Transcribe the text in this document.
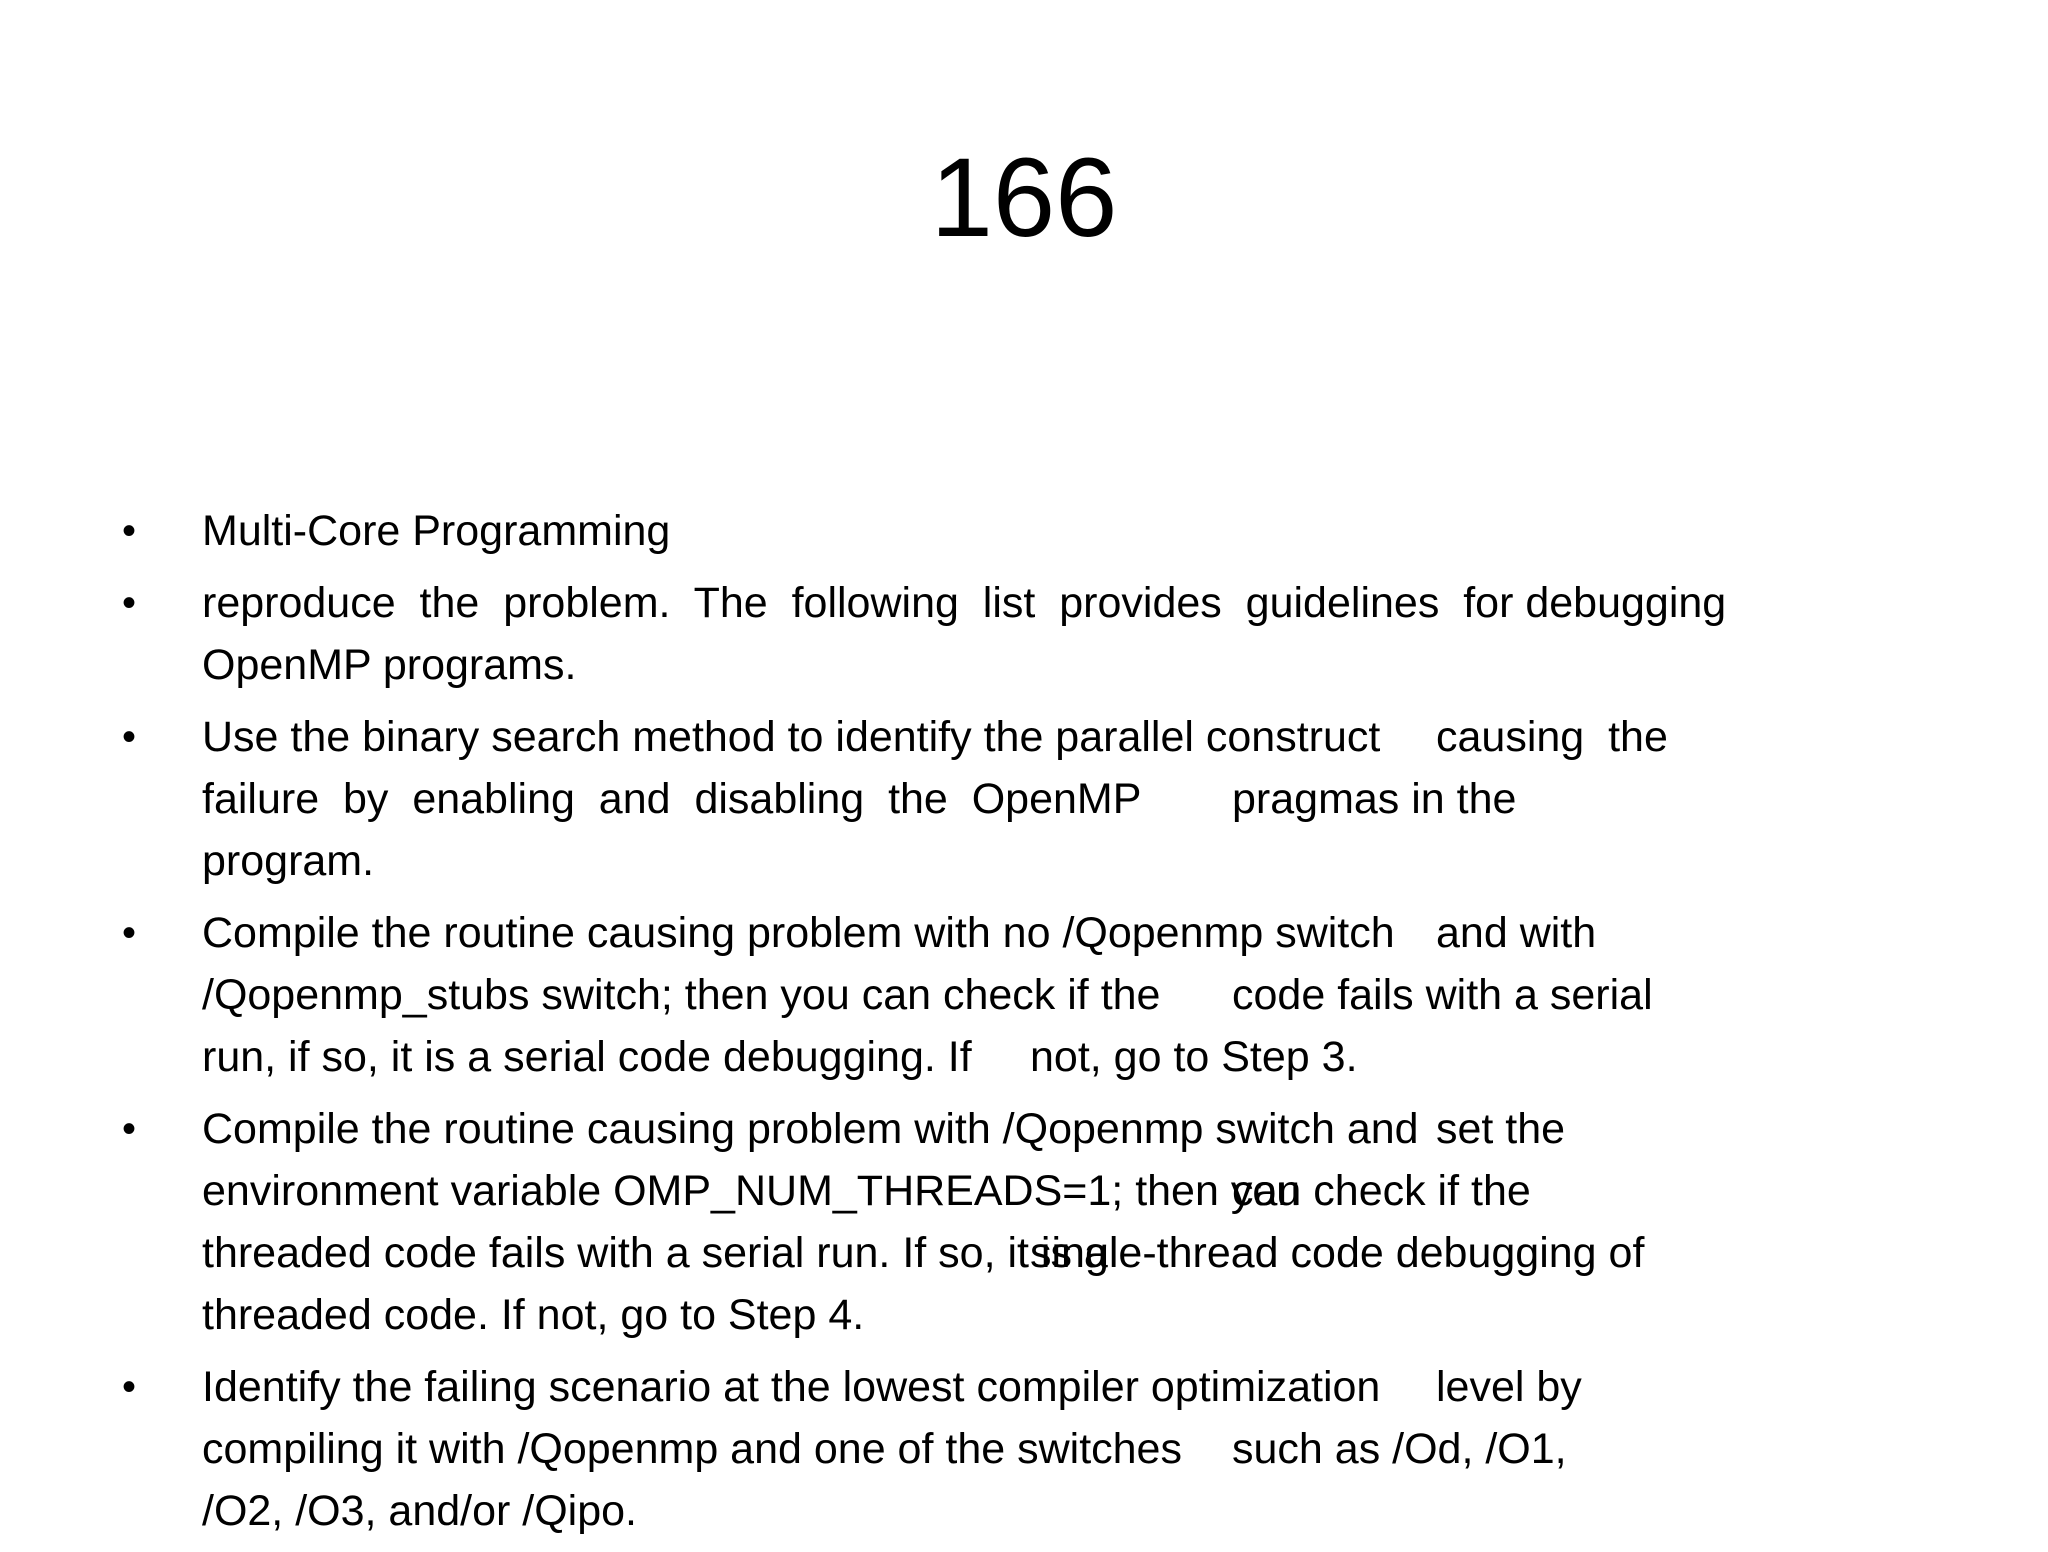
166
• Multi-Core Programming
• reproduce  the  problem.  The  following  list  provides  guidelines  for debugging
OpenMP programs.
• Use the binary search method to identify the parallel construct causing  the
failure  by  enabling  and  disabling  the  OpenMP pragmas in the
program.
• Compile the routine causing problem with no /Qopenmp switch and with
/Qopenmp_stubs switch; then you can check if the code fails with a serial
run, if so, it is a serial code debugging. If not, go to Step 3.
• Compile the routine causing problem with /Qopenmp switch and set the
environment variable OMP_NUM_THREADS=1; then you
can check if the
threaded code fails with a serial run. If so, it is a
single-thread code debugging of
threaded code. If not, go to Step 4.
• Identify the failing scenario at the lowest compiler optimization level by
compiling it with /Qopenmp and one of the switches such as /Od, /O1,
/O2, /O3, and/or /Qipo.
